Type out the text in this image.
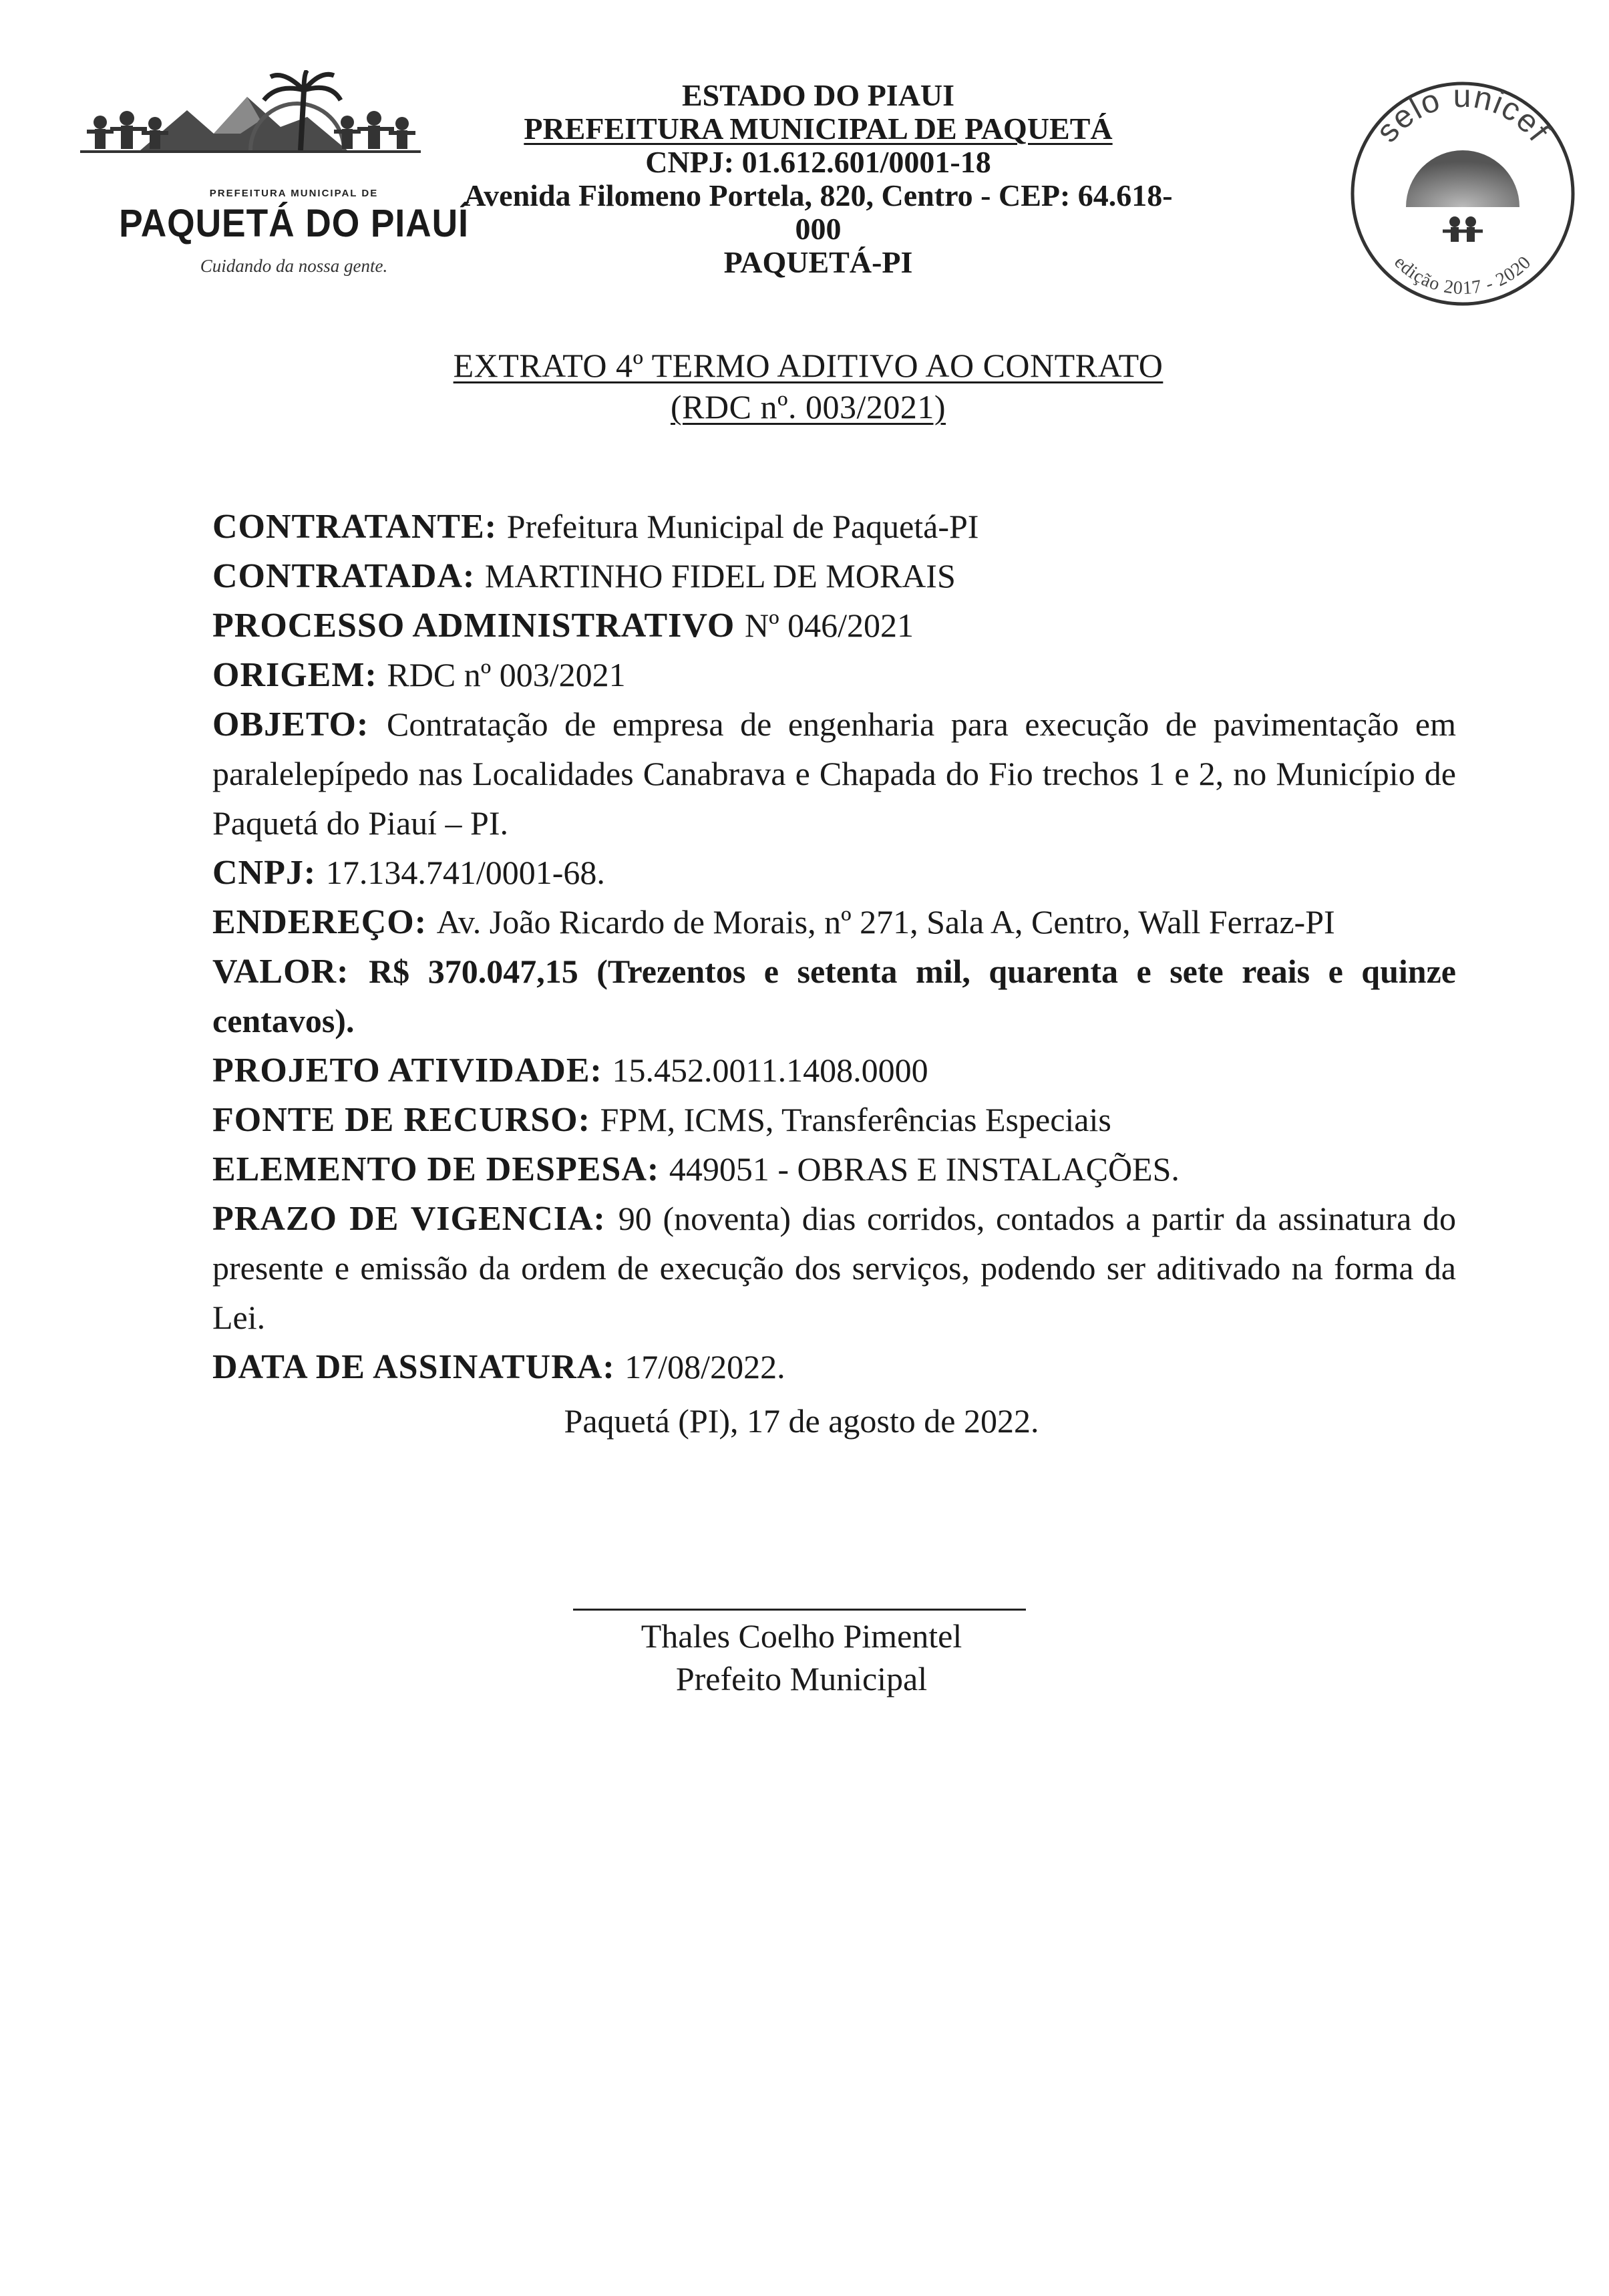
PREFEITURA MUNICIPAL DE
PAQUETÁ DO PIAUÍ
Cuidando da nossa gente.
ESTADO DO PIAUI
PREFEITURA MUNICIPAL DE PAQUETÁ
CNPJ: 01.612.601/0001-18
Avenida Filomeno Portela, 820, Centro - CEP: 64.618-000
PAQUETÁ-PI
selo unicef
edição 2017 - 2020
EXTRATO 4º TERMO ADITIVO AO CONTRATO
(RDC nº. 003/2021)

CONTRATANTE: Prefeitura Municipal de Paquetá-PI

CONTRATADA: MARTINHO FIDEL DE MORAIS

PROCESSO ADMINISTRATIVO Nº 046/2021

ORIGEM: RDC nº 003/2021

OBJETO: Contratação de empresa de engenharia para execução de pavimentação em paralelepípedo nas Localidades Canabrava e Chapada do Fio trechos 1 e 2, no Município de Paquetá do Piauí – PI.

CNPJ: 17.134.741/0001-68.

ENDEREÇO: Av. João Ricardo de Morais, nº 271, Sala A, Centro, Wall Ferraz-PI

VALOR: R$ 370.047,15 (Trezentos e setenta mil, quarenta e sete reais e quinze centavos).

PROJETO ATIVIDADE: 15.452.0011.1408.0000

FONTE DE RECURSO: FPM, ICMS, Transferências Especiais

ELEMENTO DE DESPESA: 449051 - OBRAS E INSTALAÇÕES.

PRAZO DE VIGENCIA: 90 (noventa) dias corridos, contados a partir da assinatura do presente e emissão da ordem de execução dos serviços, podendo ser aditivado na forma da Lei.

DATA DE ASSINATURA: 17/08/2022.

Paquetá (PI), 17 de agosto de 2022.
Thales Coelho Pimentel
Prefeito Municipal
